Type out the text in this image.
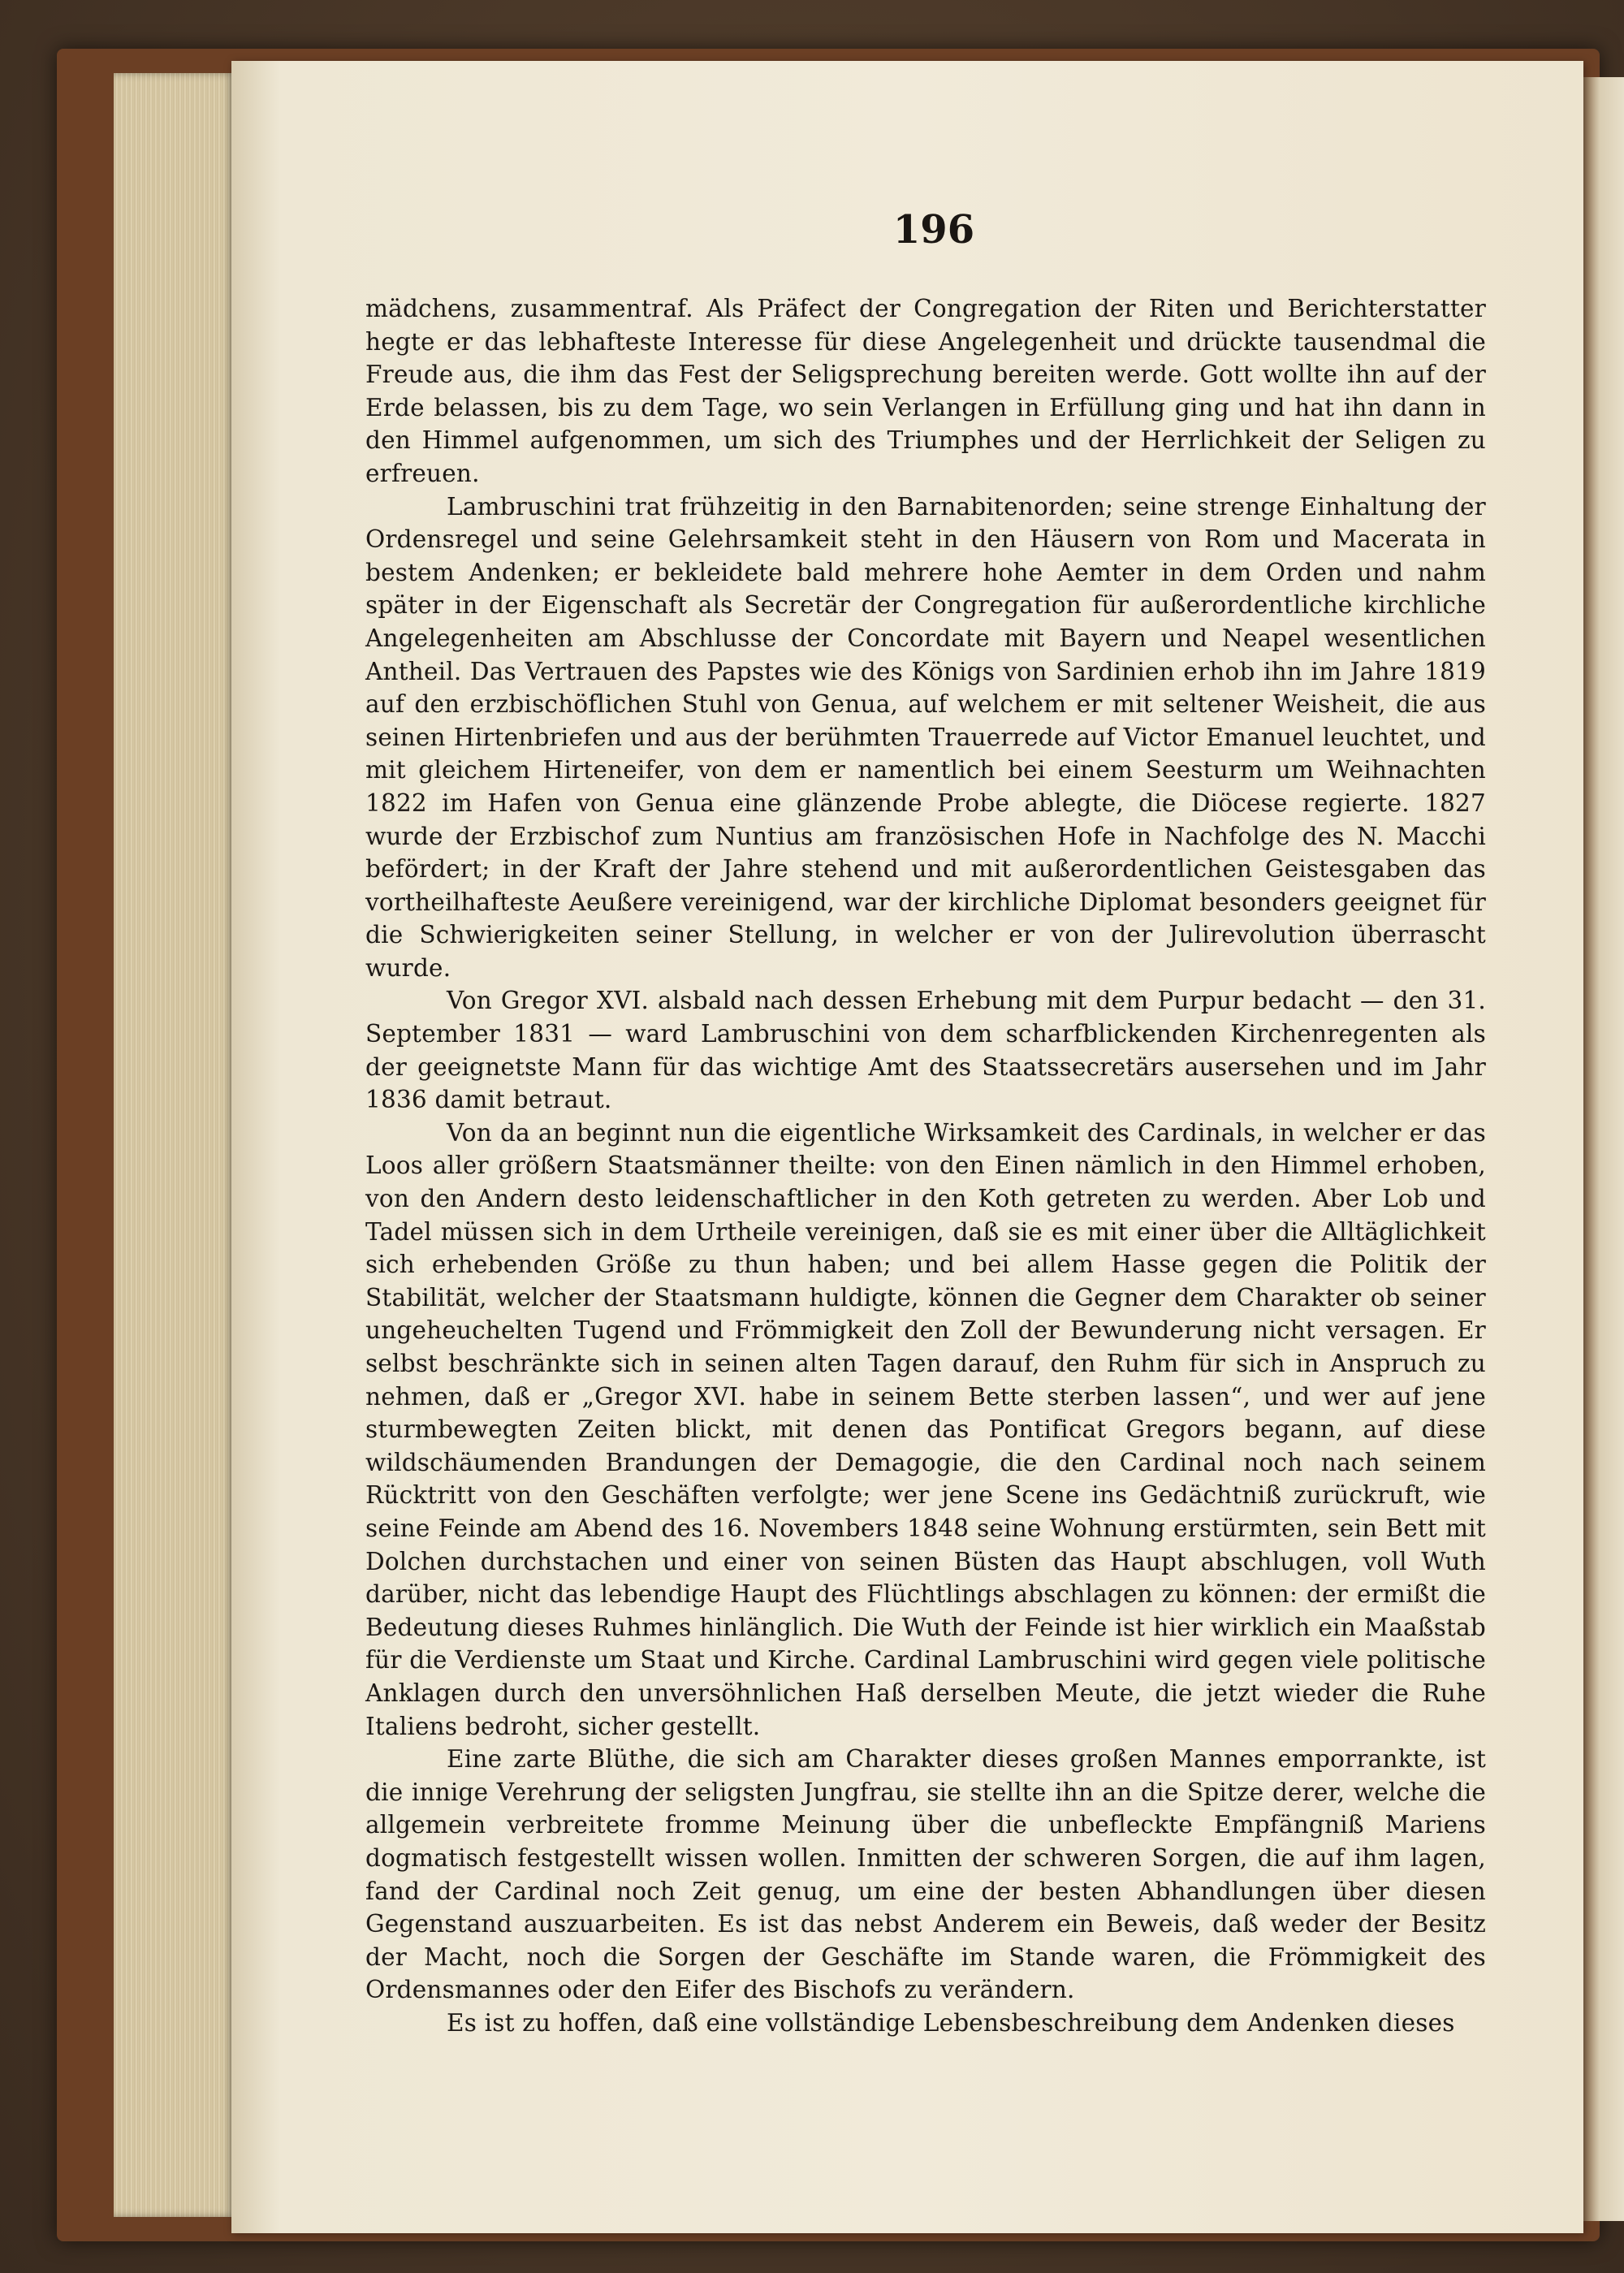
196

mädchens, zusammentraf. Als Präfect der Congregation der Riten und Berichterstatter hegte er das lebhafteste Interesse für diese Angelegenheit und drückte tausendmal die Freude aus, die ihm das Fest der Seligsprechung bereiten werde. Gott wollte ihn auf der Erde belassen, bis zu dem Tage, wo sein Verlangen in Erfüllung ging und hat ihn dann in den Himmel aufgenommen, um sich des Triumphes und der Herrlichkeit der Seligen zu erfreuen.

Lambruschini trat frühzeitig in den Barnabitenorden; seine strenge Einhaltung der Ordensregel und seine Gelehrsamkeit steht in den Häusern von Rom und Macerata in bestem Andenken; er bekleidete bald mehrere hohe Aemter in dem Orden und nahm später in der Eigenschaft als Secretär der Congregation für außerordentliche kirchliche Angelegenheiten am Abschlusse der Concordate mit Bayern und Neapel wesentlichen Antheil. Das Vertrauen des Papstes wie des Königs von Sardinien erhob ihn im Jahre 1819 auf den erzbischöflichen Stuhl von Genua, auf welchem er mit seltener Weisheit, die aus seinen Hirtenbriefen und aus der berühmten Trauerrede auf Victor Emanuel leuchtet, und mit gleichem Hirteneifer, von dem er namentlich bei einem Seesturm um Weihnachten 1822 im Hafen von Genua eine glänzende Probe ablegte, die Diöcese regierte. 1827 wurde der Erzbischof zum Nuntius am französischen Hofe in Nachfolge des N. Macchi befördert; in der Kraft der Jahre stehend und mit außerordentlichen Geistesgaben das vortheilhafteste Aeußere vereinigend, war der kirchliche Diplomat besonders geeignet für die Schwierigkeiten seiner Stellung, in welcher er von der Julirevolution überrascht wurde.

Von Gregor XVI. alsbald nach dessen Erhebung mit dem Purpur bedacht — den 31. September 1831 — ward Lambruschini von dem scharfblickenden Kirchenregenten als der geeignetste Mann für das wichtige Amt des Staatssecretärs ausersehen und im Jahr 1836 damit betraut.

Von da an beginnt nun die eigentliche Wirksamkeit des Cardinals, in welcher er das Loos aller größern Staatsmänner theilte: von den Einen nämlich in den Himmel erhoben, von den Andern desto leidenschaftlicher in den Koth getreten zu werden. Aber Lob und Tadel müssen sich in dem Urtheile vereinigen, daß sie es mit einer über die Alltäglichkeit sich erhebenden Größe zu thun haben; und bei allem Hasse gegen die Politik der Stabilität, welcher der Staatsmann huldigte, können die Gegner dem Charakter ob seiner ungeheuchelten Tugend und Frömmigkeit den Zoll der Bewunderung nicht versagen. Er selbst beschränkte sich in seinen alten Tagen darauf, den Ruhm für sich in Anspruch zu nehmen, daß er „Gregor XVI. habe in seinem Bette sterben lassen“, und wer auf jene sturmbewegten Zeiten blickt, mit denen das Pontificat Gregors begann, auf diese wildschäumenden Brandungen der Demagogie, die den Cardinal noch nach seinem Rücktritt von den Geschäften verfolgte; wer jene Scene ins Gedächtniß zurückruft, wie seine Feinde am Abend des 16. Novembers 1848 seine Wohnung erstürmten, sein Bett mit Dolchen durchstachen und einer von seinen Büsten das Haupt abschlugen, voll Wuth darüber, nicht das lebendige Haupt des Flüchtlings abschlagen zu können: der ermißt die Bedeutung dieses Ruhmes hinlänglich. Die Wuth der Feinde ist hier wirklich ein Maaßstab für die Verdienste um Staat und Kirche. Cardinal Lambruschini wird gegen viele politische Anklagen durch den unversöhnlichen Haß derselben Meute, die jetzt wieder die Ruhe Italiens bedroht, sicher gestellt.

Eine zarte Blüthe, die sich am Charakter dieses großen Mannes emporrankte, ist die innige Verehrung der seligsten Jungfrau, sie stellte ihn an die Spitze derer, welche die allgemein verbreitete fromme Meinung über die unbefleckte Empfängniß Mariens dogmatisch festgestellt wissen wollen. Inmitten der schweren Sorgen, die auf ihm lagen, fand der Cardinal noch Zeit genug, um eine der besten Abhandlungen über diesen Gegenstand auszuarbeiten. Es ist das nebst Anderem ein Beweis, daß weder der Besitz der Macht, noch die Sorgen der Geschäfte im Stande waren, die Frömmigkeit des Ordensmannes oder den Eifer des Bischofs zu verändern.

Es ist zu hoffen, daß eine vollständige Lebensbeschreibung dem Andenken dieses
